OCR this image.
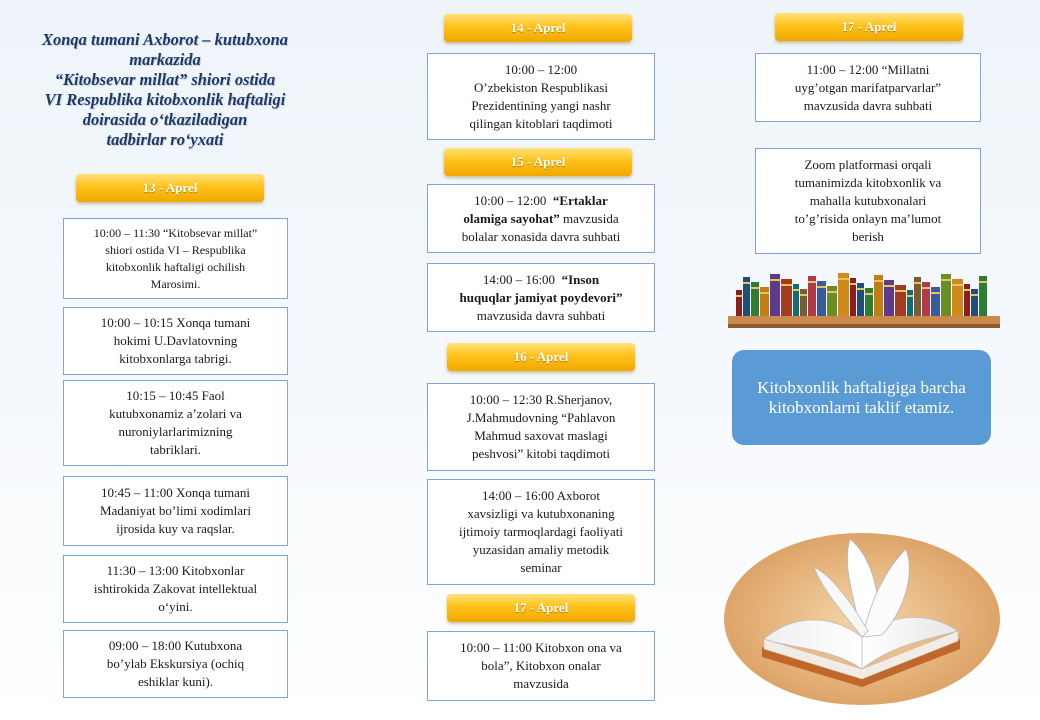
Xonqa tumani Axborot – kutubxona
markazida
“Kitobsevar millat” shiori ostida
VI Respublika kitobxonlik haftaligi
doirasida o‘tkaziladigan
tadbirlar ro‘yxati
13 - Aprel
10:00 – 11:30 “Kitobsevar millat”
shiori ostida VI – Respublika
kitobxonlik haftaligi ochilish
Marosimi.
10:00 – 10:15 Xonqa tumani
hokimi U.Davlatovning
kitobxonlarga tabrigi.
10:15 – 10:45 Faol
kutubxonamiz a’zolari va
nuroniylarlarimizning
tabriklari.
10:45 – 11:00 Xonqa tumani
Madaniyat bo’limi xodimlari
ijrosida kuy va raqslar.
11:30 – 13:00 Kitobxonlar
ishtirokida Zakovat intellektual
o‘yini.
09:00 – 18:00 Kutubxona
bo’ylab Ekskursiya (ochiq
eshiklar kuni).
14 - Aprel
10:00 – 12:00
O’zbekiston Respublikasi
Prezidentining yangi nashr
qilingan kitoblari taqdimoti
15 - Aprel
10:00 – 12:00 “Ertaklar
olamiga sayohat” mavzusida
bolalar xonasida davra suhbati
14:00 – 16:00 “Inson
huquqlar jamiyat poydevori”
mavzusida davra suhbati
16 - Aprel
10:00 – 12:30 R.Sherjanov,
J.Mahmudovning “Pahlavon
Mahmud saxovat maslagi
peshvosi” kitobi taqdimoti
14:00 – 16:00 Axborot
xavsizligi va kutubxonaning
ijtimoiy tarmoqlardagi faoliyati
yuzasidan amaliy metodik
seminar
17 - Aprel
10:00 – 11:00 Kitobxon ona va
bola”, Kitobxon onalar
mavzusida
17 - Aprel
11:00 – 12:00 “Millatni
uyg’otgan marifatparvarlar”
mavzusida davra suhbati
Zoom platformasi orqali
tumanimizda kitobxonlik va
mahalla kutubxonalari
to’g’risida onlayn ma’lumot
berish
Kitobxonlik haftaligiga barcha kitobxonlarni taklif etamiz.
